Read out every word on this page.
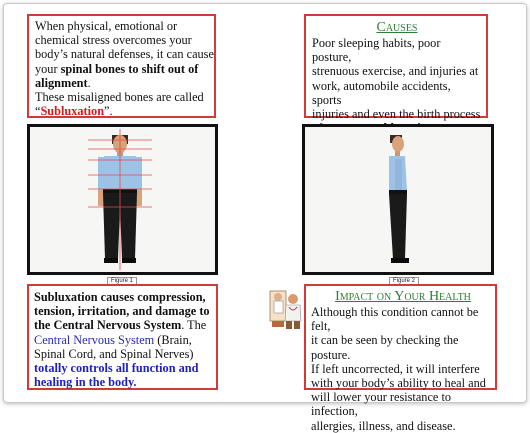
When physical, emotional or
chemical stress overcomes your
body’s natural defenses, it can cause
your spinal bones to shift out of
alignment.
These misaligned bones are called
“Subluxation”.
Causes
Poor sleeping habits, poor posture,
strenuous exercise, and injuries at
work, automobile accidents, sports
injuries and even the birth process
Figure 1	Figure 2
Subluxation causes compression,
tension, irritation, and damage to
the Central Nervous System. The
Central Nervous System (Brain,
Spinal Cord, and Spinal Nerves)
totally controls all function and
healing in the body.
Impact on Your Health
Although this condition cannot be felt,
it can be seen by checking the posture.
If left uncorrected, it will interfere
with your body’s ability to heal and
will lower your resistance to infection,
allergies, illness, and disease.
